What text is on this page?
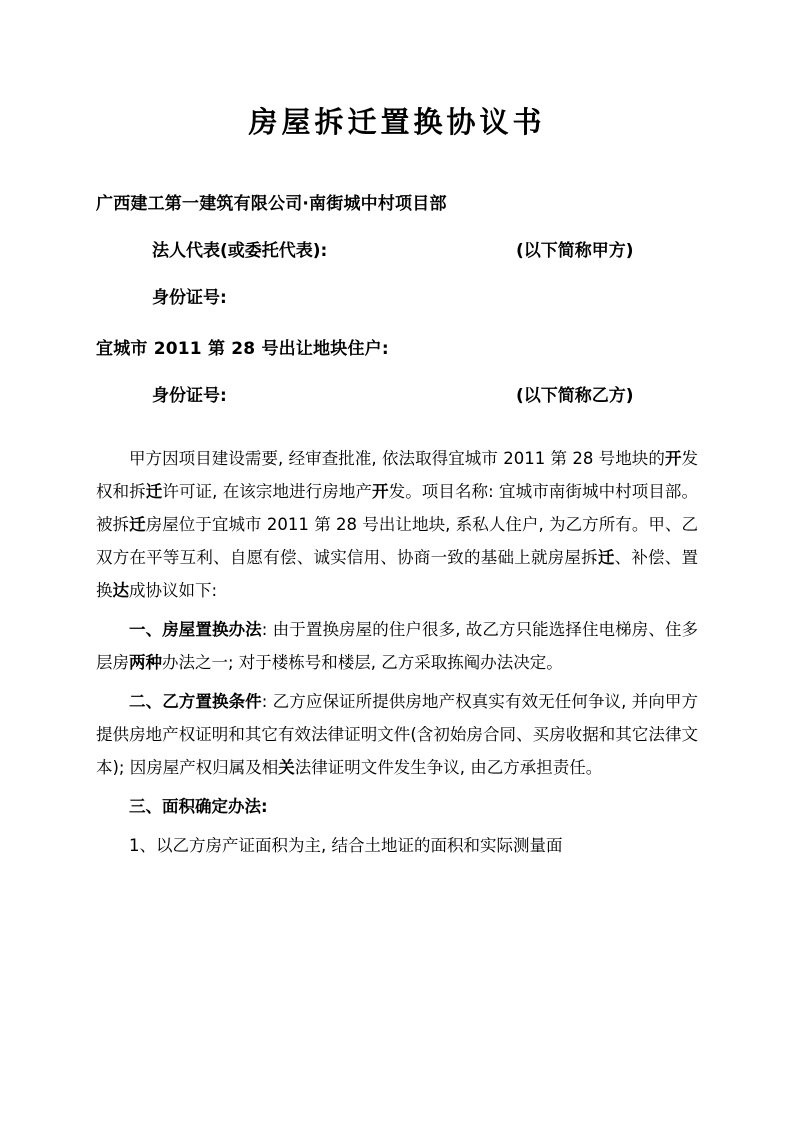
房屋拆迁置换协议书
广西建工第一建筑有限公司·南街城中村项目部
法人代表(或委托代表):	(以下简称甲方)
身份证号:
宜城市 2011 第 28 号出让地块住户:
身份证号:	(以下简称乙方)
甲方因项目建设需要, 经审查批准, 依法取得宜城市 2011 第 28 号地块的开发权和拆迁许可证, 在该宗地进行房地产开发。项目名称: 宜城市南街城中村项目部。被拆迁房屋位于宜城市 2011 第 28 号出让地块, 系私人住户, 为乙方所有。甲、乙双方在平等互利、自愿有偿、诚实信用、协商一致的基础上就房屋拆迁、补偿、置换达成协议如下:
一、房屋置换办法: 由于置换房屋的住户很多, 故乙方只能选择住电梯房、住多层房两种办法之一; 对于楼栋号和楼层, 乙方采取拣阄办法决定。
二、乙方置换条件: 乙方应保证所提供房地产权真实有效无任何争议, 并向甲方提供房地产权证明和其它有效法律证明文件(含初始房合同、买房收据和其它法律文本); 因房屋产权归属及相关法律证明文件发生争议, 由乙方承担责任。
三、面积确定办法:
1、以乙方房产证面积为主, 结合土地证的面积和实际测量面
